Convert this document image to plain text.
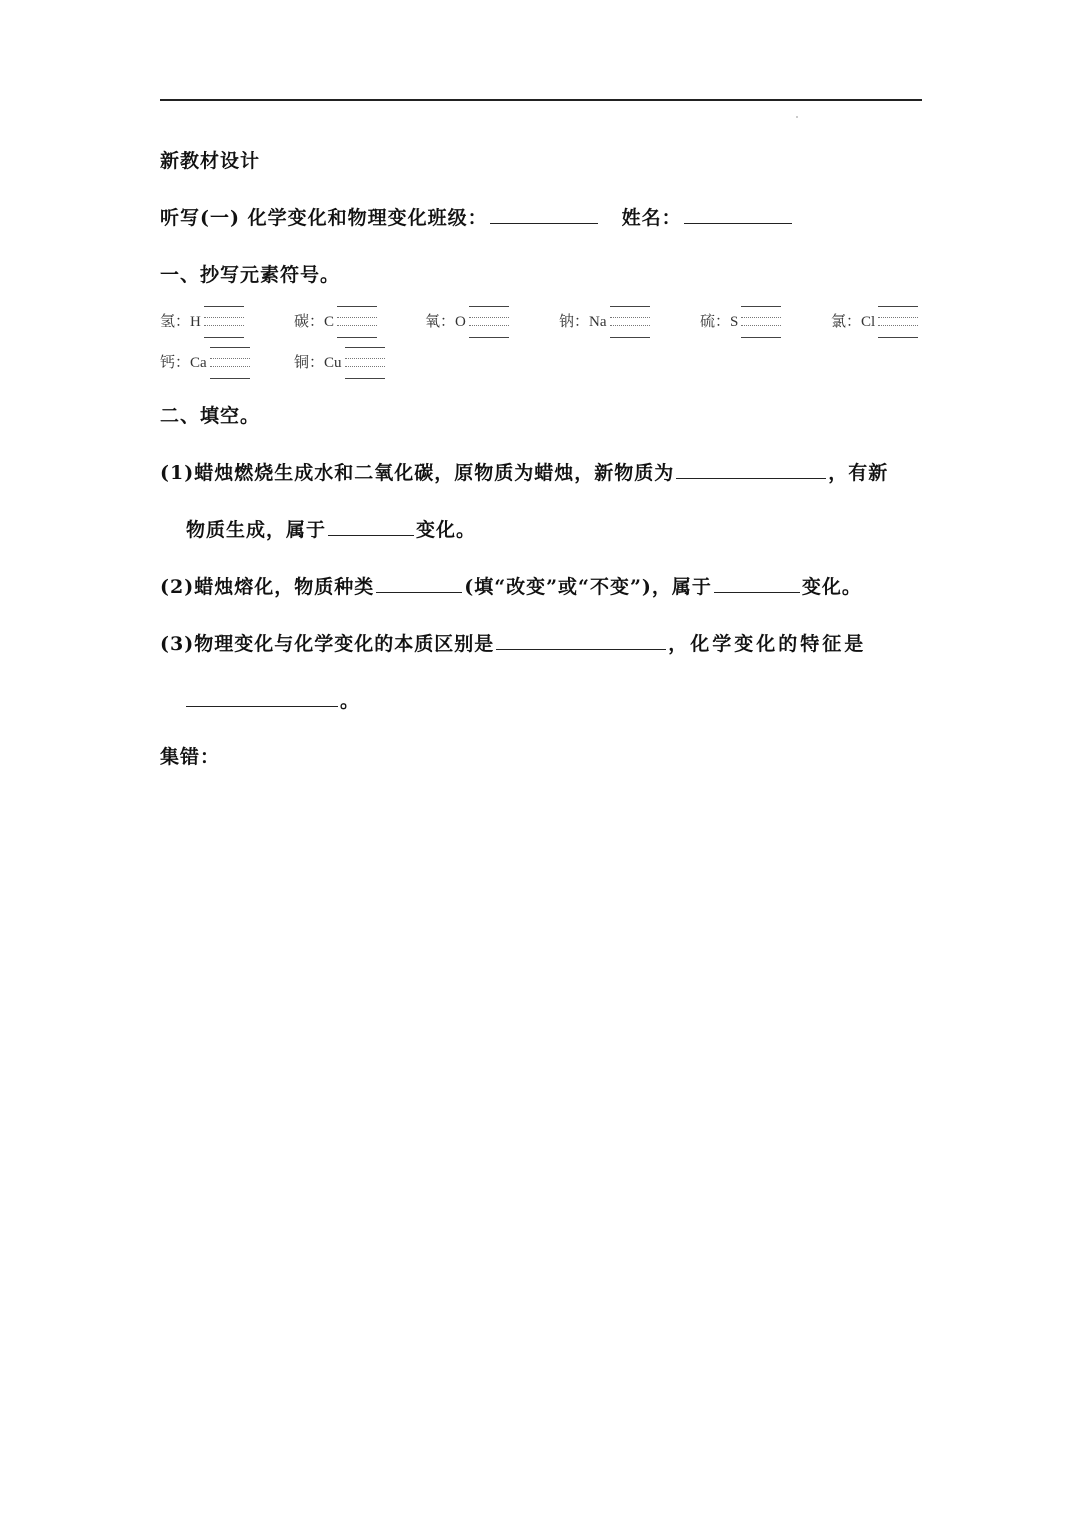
新教材设计
听写(一) 化学变化和物理变化班级：	姓名：
一、抄写元素符号。
氢：H	碳：C	氧：O	钠：Na	硫：S	氯：Cl
钙：Ca	铜：Cu
二、填空。
(1)蜡烛燃烧生成水和二氧化碳，原物质为蜡烛，新物质为	，有新
物质生成，属于	变化。
(2)蜡烛熔化，物质种类	(填“改变”或“不变”)，属于	变化。
(3)物理变化与化学变化的本质区别是	，化学变化的特征是
。
集错：
